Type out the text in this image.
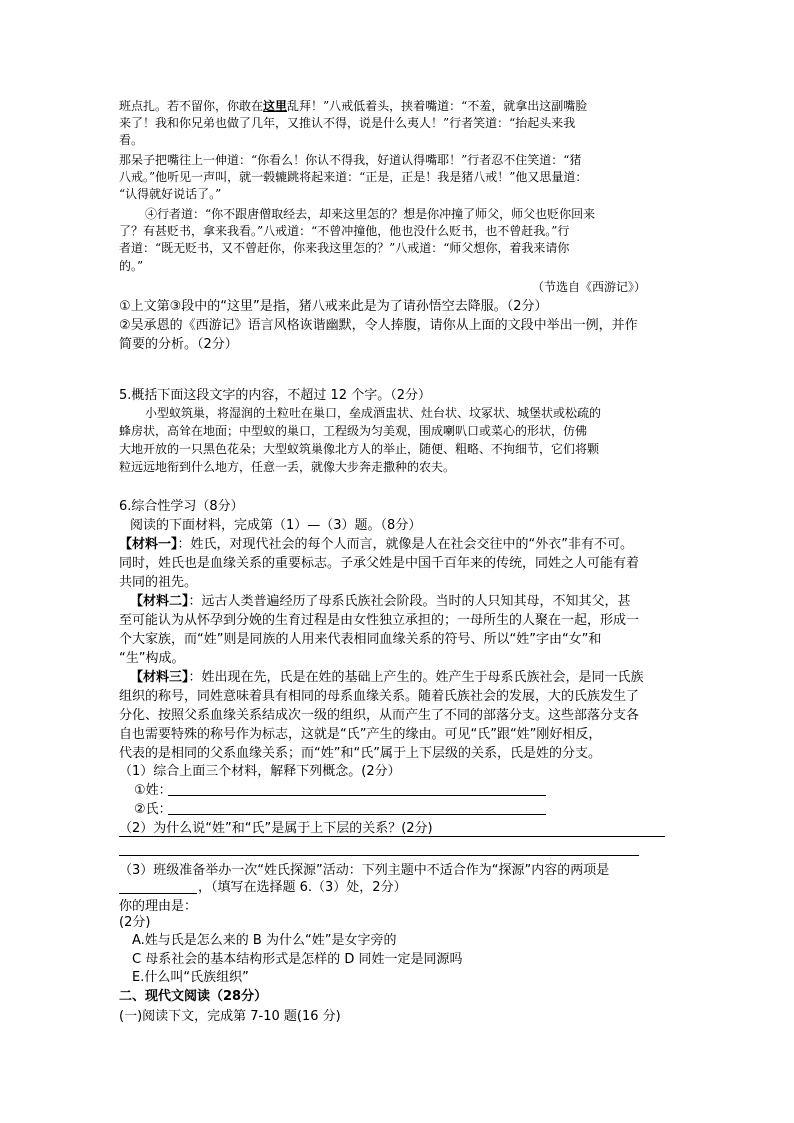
班点扎。若不留你，你敢在这里乱拜！”八戒低着头，挟着嘴道：“不羞，就拿出这副嘴脸

来了！我和你兄弟也做了几年，又推认不得，说是什么夷人！”行者笑道：“抬起头来我

看。

那呆子把嘴往上一伸道：“你看么！你认不得我，好道认得嘴耶！”行者忍不住笑道：“猪

八戒。”他听见一声叫，就一毂辘跳将起来道：“正是，正是！我是猪八戒！”他又思量道：

“认得就好说话了。”

④行者道：“你不跟唐僧取经去，却来这里怎的？想是你冲撞了师父，师父也贬你回来

了？有甚贬书，拿来我看。”八戒道：“不曾冲撞他，他也没什么贬书，也不曾赶我。”行

者道：“既无贬书，又不曾赶你，你来我这里怎的？”八戒道：“师父想你，着我来请你

的。”

（节选自《西游记》）

①上文第③段中的“这里”是指，猪八戒来此是为了请孙悟空去降服。（2分）

②吴承恩的《西游记》语言风格诙谐幽默，令人捧腹，请你从上面的文段中举出一例，并作

简要的分析。（2分）

5.概括下面这段文字的内容，不超过 12 个字。（2分）

小型蚁筑巢，将湿润的土粒吐在巢口，垒成酒盅状、灶台状、坟冢状、城堡状或松疏的

蜂房状，高耸在地面；中型蚁的巢口，工程级为匀美观，围成喇叭口或菜心的形状，仿佛

大地开放的一只黑色花朵；大型蚁筑巢像北方人的举止，随便、粗略、不拘细节，它们将颗

粒远远地衔到什么地方，任意一丢，就像大步奔走撒种的农夫。

6.综合性学习（8分）

阅读的下面材料，完成第（1）—（3）题。（8分）

【材料一】：姓氏，对现代社会的每个人而言，就像是人在社会交往中的“外衣”非有不可。

同时，姓氏也是血缘关系的重要标志。子承父姓是中国千百年来的传统，同姓之人可能有着

共同的祖先。

【材料二】：远古人类普遍经历了母系氏族社会阶段。当时的人只知其母，不知其父，甚

至可能认为从怀孕到分娩的生育过程是由女性独立承担的；一母所生的人聚在一起，形成一

个大家族，而“姓”则是同族的人用来代表相同血缘关系的符号、所以“姓”字由“女”和

“生”构成。

【材料三】：姓出现在先，氏是在姓的基础上产生的。姓产生于母系氏族社会，是同一氏族

组织的称号，同姓意味着具有相同的母系血缘关系。随着氏族社会的发展，大的氏族发生了

分化、按照父系血缘关系结成次一级的组织，从而产生了不同的部落分支。这些部落分支各

自也需要特殊的称号作为标志，这就是“氏”产生的缘由。可见“氏”跟“姓”刚好相反，

代表的是相同的父系血缘关系；而“姓”和“氏”属于上下层级的关系，氏是姓的分支。

（1）综合上面三个材料，解释下列概念。(2分）

①姓：

②氏：

（2）为什么说“姓”和“氏”是属于上下层的关系？(2分)

（3）班级准备举办一次“姓氏探源”活动：下列主题中不适合作为“探源”内容的两项是

，（填写在选择题 6.（3）处，2分）

你的理由是：

(2分)

A.姓与氏是怎么来的 B 为什么“姓”是女字旁的

C 母系社会的基本结构形式是怎样的 D 同姓一定是同源吗

E.什么叫“氏族组织”

二、现代文阅读（28分）

(一)阅读下文，完成第 7-10 题(16 分)
